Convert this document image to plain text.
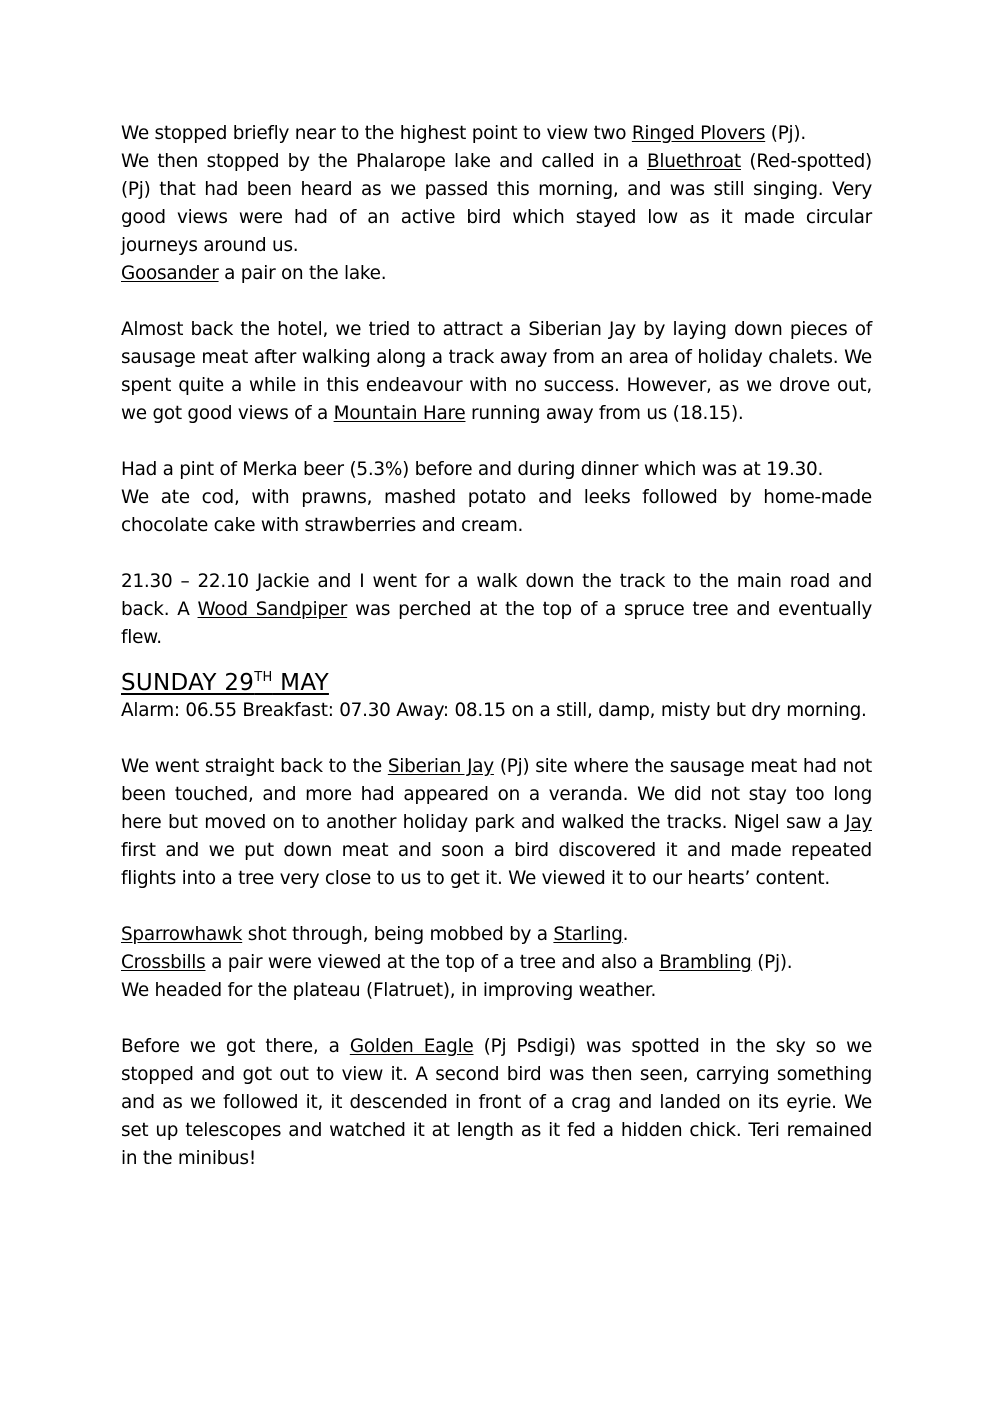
We stopped briefly near to the highest point to view two Ringed Plovers (Pj).

We then stopped by the Phalarope lake and called in a Bluethroat (Red-spotted) (Pj) that had been heard as we passed this morning, and was still singing. Very good views were had of an active bird which stayed low as it made circular journeys around us.

Goosander a pair on the lake.

Almost back the hotel, we tried to attract a Siberian Jay by laying down pieces of sausage meat after walking along a track away from an area of holiday chalets. We spent quite a while in this endeavour with no success. However, as we drove out, we got good views of a Mountain Hare running away from us (18.15).

Had a pint of Merka beer (5.3%) before and during dinner which was at 19.30.

We ate cod, with prawns, mashed potato and leeks followed by home-made chocolate cake with strawberries and cream.

21.30 – 22.10 Jackie and I went for a walk down the track to the main road and back. A Wood Sandpiper was perched at the top of a spruce tree and eventually flew.

SUNDAY 29TH MAY

Alarm: 06.55 Breakfast: 07.30 Away: 08.15 on a still, damp, misty but dry morning.

We went straight back to the Siberian Jay (Pj) site where the sausage meat had not been touched, and more had appeared on a veranda. We did not stay too long here but moved on to another holiday park and walked the tracks. Nigel saw a Jay first and we put down meat and soon a bird discovered it and made repeated flights into a tree very close to us to get it. We viewed it to our hearts’ content.

Sparrowhawk shot through, being mobbed by a Starling.

Crossbills a pair were viewed at the top of a tree and also a Brambling (Pj).

We headed for the plateau (Flatruet), in improving weather.

Before we got there, a Golden Eagle (Pj Psdigi) was spotted in the sky so we stopped and got out to view it. A second bird was then seen, carrying something and as we followed it, it descended in front of a crag and landed on its eyrie. We set up telescopes and watched it at length as it fed a hidden chick. Teri remained in the minibus!
